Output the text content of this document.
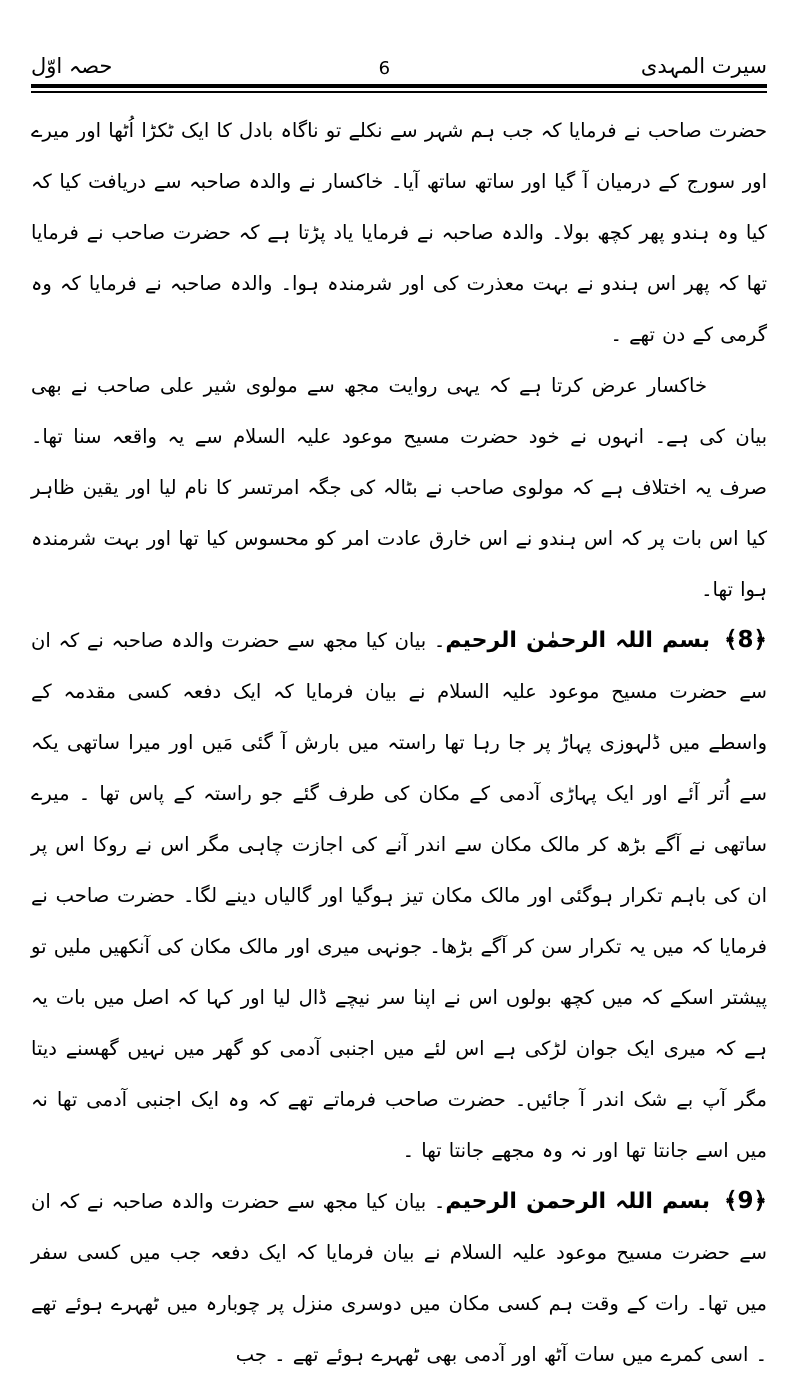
سیرت المہدی
6
حصہ اوّل

حضرت صاحب نے فرمایا کہ جب ہم شہر سے نکلے تو ناگاہ بادل کا ایک ٹکڑا اُٹھا اور میرے اور سورج کے درمیان آ گیا اور ساتھ ساتھ آیا۔ خاکسار نے والدہ صاحبہ سے دریافت کیا کہ کیا وہ ہندو پھر کچھ بولا۔ والدہ صاحبہ نے فرمایا یاد پڑتا ہے کہ حضرت صاحب نے فرمایا تھا کہ پھر اس ہندو نے بہت معذرت کی اور شرمندہ ہوا۔ والدہ صاحبہ نے فرمایا کہ وہ گرمی کے دن تھے ۔

خاکسار عرض کرتا ہے کہ یہی روایت مجھ سے مولوی شیر علی صاحب نے بھی بیان کی ہے۔ انہوں نے خود حضرت مسیح موعود علیہ السلام سے یہ واقعہ سنا تھا۔ صرف یہ اختلاف ہے کہ مولوی صاحب نے بٹالہ کی جگہ امرتسر کا نام لیا اور یقین ظاہر کیا اس بات پر کہ اس ہندو نے اس خارق عادت امر کو محسوس کیا تھا اور بہت شرمندہ ہوا تھا۔

﴿8﴾بسم اللہ الرحمٰن الرحیم۔ بیان کیا مجھ سے حضرت والدہ صاحبہ نے کہ ان سے حضرت مسیح موعود علیہ السلام نے بیان فرمایا کہ ایک دفعہ کسی مقدمہ کے واسطے میں ڈلہوزی پہاڑ پر جا رہا تھا راستہ میں بارش آ گئی مَیں اور میرا ساتھی یکہ سے اُتر آئے اور ایک پہاڑی آدمی کے مکان کی طرف گئے جو راستہ کے پاس تھا ۔ میرے ساتھی نے آگے بڑھ کر مالک مکان سے اندر آنے کی اجازت چاہی مگر اس نے روکا اس پر ان کی باہم تکرار ہوگئی اور مالک مکان تیز ہوگیا اور گالیاں دینے لگا۔ حضرت صاحب نے فرمایا کہ میں یہ تکرار سن کر آگے بڑھا۔ جونہی میری اور مالک مکان کی آنکھیں ملیں تو پیشتر اسکے کہ میں کچھ بولوں اس نے اپنا سر نیچے ڈال لیا اور کہا کہ اصل میں بات یہ ہے کہ میری ایک جوان لڑکی ہے اس لئے میں اجنبی آدمی کو گھر میں نہیں گھسنے دیتا مگر آپ بے شک اندر آ جائیں۔ حضرت صاحب فرماتے تھے کہ وہ ایک اجنبی آدمی تھا نہ میں اسے جانتا تھا اور نہ وہ مجھے جانتا تھا ۔

﴿9﴾بسم اللہ الرحمن الرحیم۔ بیان کیا مجھ سے حضرت والدہ صاحبہ نے کہ ان سے حضرت مسیح موعود علیہ السلام نے بیان فرمایا کہ ایک دفعہ جب میں کسی سفر میں تھا۔ رات کے وقت ہم کسی مکان میں دوسری منزل پر چوبارہ میں ٹھہرے ہوئے تھے ۔ اسی کمرے میں سات آٹھ اور آدمی بھی ٹھہرے ہوئے تھے ۔ جب
